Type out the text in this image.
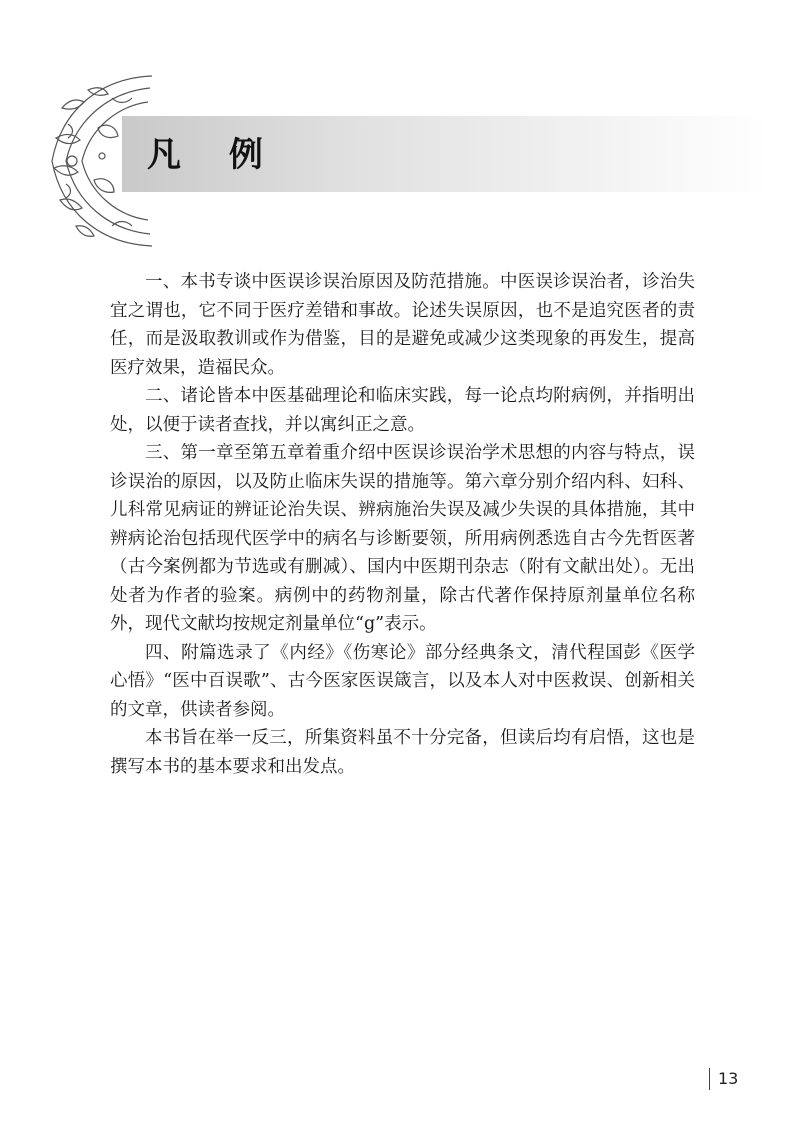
凡 例

一、本书专谈中医误诊误治原因及防范措施。中医误诊误治者，诊治失宜之谓也，它不同于医疗差错和事故。论述失误原因，也不是追究医者的责任，而是汲取教训或作为借鉴，目的是避免或减少这类现象的再发生，提高医疗效果，造福民众。

二、诸论皆本中医基础理论和临床实践，每一论点均附病例，并指明出处，以便于读者查找，并以寓纠正之意。

三、第一章至第五章着重介绍中医误诊误治学术思想的内容与特点，误诊误治的原因，以及防止临床失误的措施等。第六章分别介绍内科、妇科、儿科常见病证的辨证论治失误、辨病施治失误及减少失误的具体措施，其中辨病论治包括现代医学中的病名与诊断要领，所用病例悉选自古今先哲医著（古今案例都为节选或有删减）、国内中医期刊杂志（附有文献出处）。无出处者为作者的验案。病例中的药物剂量，除古代著作保持原剂量单位名称外，现代文献均按规定剂量单位“g”表示。

四、附篇选录了《内经》《伤寒论》部分经典条文，清代程国彭《医学心悟》“医中百误歌”、古今医家医误箴言，以及本人对中医救误、创新相关的文章，供读者参阅。

本书旨在举一反三，所集资料虽不十分完备，但读后均有启悟，这也是撰写本书的基本要求和出发点。

13
